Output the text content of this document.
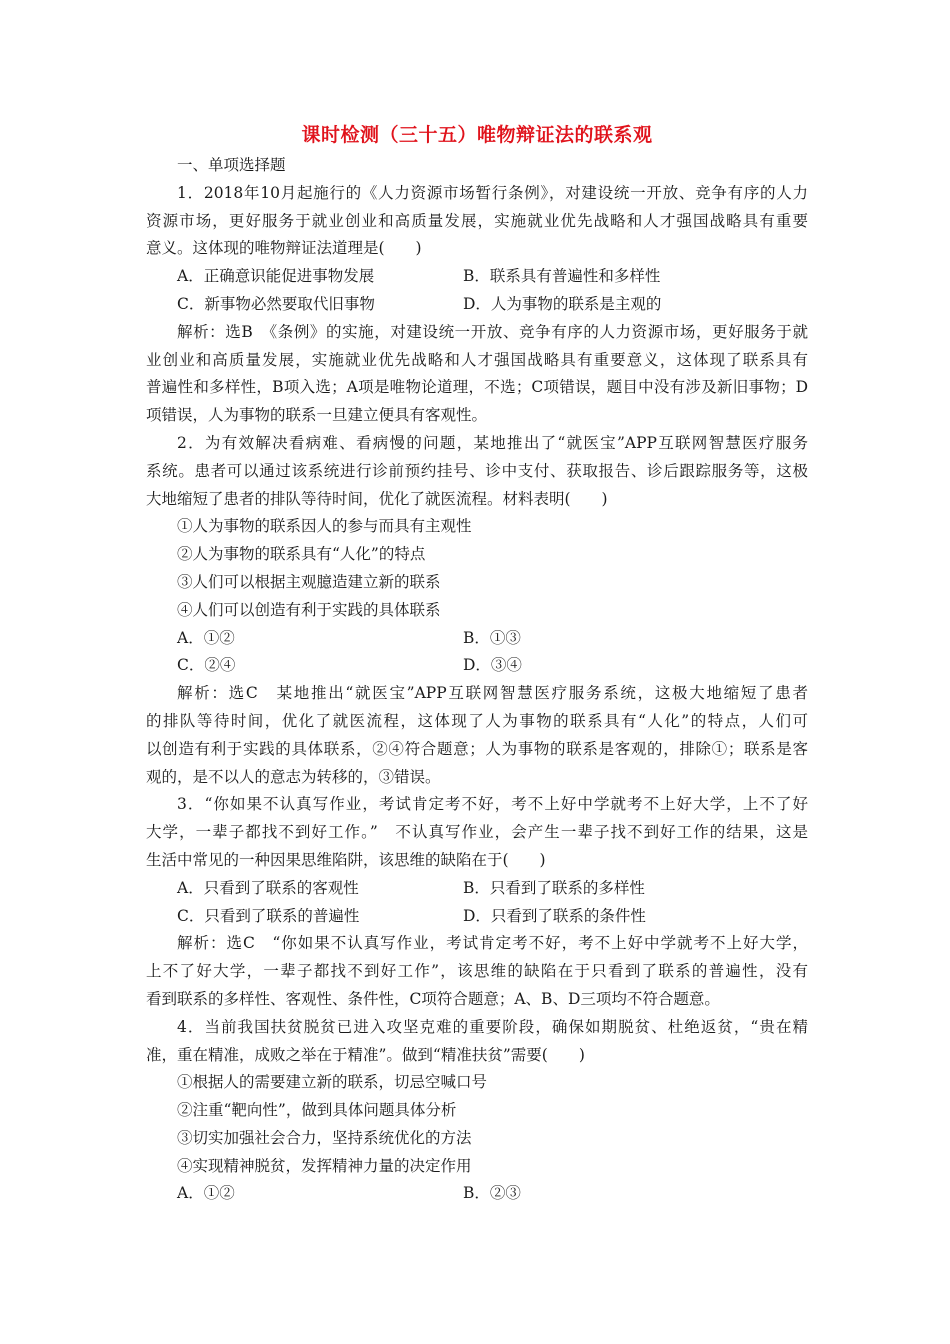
课时检测（三十五）唯物辩证法的联系观

一、单项选择题

1．2018年10月起施行的《人力资源市场暂行条例》，对建设统一开放、竞争有序的人力

资源市场，更好服务于就业创业和高质量发展，实施就业优先战略和人才强国战略具有重要

意义。这体现的唯物辩证法道理是(　　)

A．正确意识能促进事物发展	B．联系具有普遍性和多样性
C．新事物必然要取代旧事物	D．人为事物的联系是主观的

解析：选B　《条例》的实施，对建设统一开放、竞争有序的人力资源市场，更好服务于就

业创业和高质量发展，实施就业优先战略和人才强国战略具有重要意义，这体现了联系具有

普遍性和多样性，B项入选；A项是唯物论道理，不选；C项错误，题目中没有涉及新旧事物；D

项错误，人为事物的联系一旦建立便具有客观性。

2．为有效解决看病难、看病慢的问题，某地推出了“就医宝”APP互联网智慧医疗服务

系统。患者可以通过该系统进行诊前预约挂号、诊中支付、获取报告、诊后跟踪服务等，这极

大地缩短了患者的排队等待时间，优化了就医流程。材料表明(　　)

①人为事物的联系因人的参与而具有主观性

②人为事物的联系具有“人化”的特点

③人们可以根据主观臆造建立新的联系

④人们可以创造有利于实践的具体联系

A．①②	B．①③
C．②④	D．③④

解析：选C　某地推出“就医宝”APP互联网智慧医疗服务系统，这极大地缩短了患者

的排队等待时间，优化了就医流程，这体现了人为事物的联系具有“人化”的特点，人们可

以创造有利于实践的具体联系，②④符合题意；人为事物的联系是客观的，排除①；联系是客

观的，是不以人的意志为转移的，③错误。

3．“你如果不认真写作业，考试肯定考不好，考不上好中学就考不上好大学，上不了好

大学，一辈子都找不到好工作。”　不认真写作业，会产生一辈子找不到好工作的结果，这是

生活中常见的一种因果思维陷阱，该思维的缺陷在于(　　)

A．只看到了联系的客观性	B．只看到了联系的多样性
C．只看到了联系的普遍性	D．只看到了联系的条件性

解析：选C　“你如果不认真写作业，考试肯定考不好，考不上好中学就考不上好大学，

上不了好大学，一辈子都找不到好工作”，该思维的缺陷在于只看到了联系的普遍性，没有

看到联系的多样性、客观性、条件性，C项符合题意；A、B、D三项均不符合题意。

4．当前我国扶贫脱贫已进入攻坚克难的重要阶段，确保如期脱贫、杜绝返贫，“贵在精

准，重在精准，成败之举在于精准”。做到“精准扶贫”需要(　　)

①根据人的需要建立新的联系，切忌空喊口号

②注重“靶向性”，做到具体问题具体分析

③切实加强社会合力，坚持系统优化的方法

④实现精神脱贫，发挥精神力量的决定作用

A．①②	B．②③
